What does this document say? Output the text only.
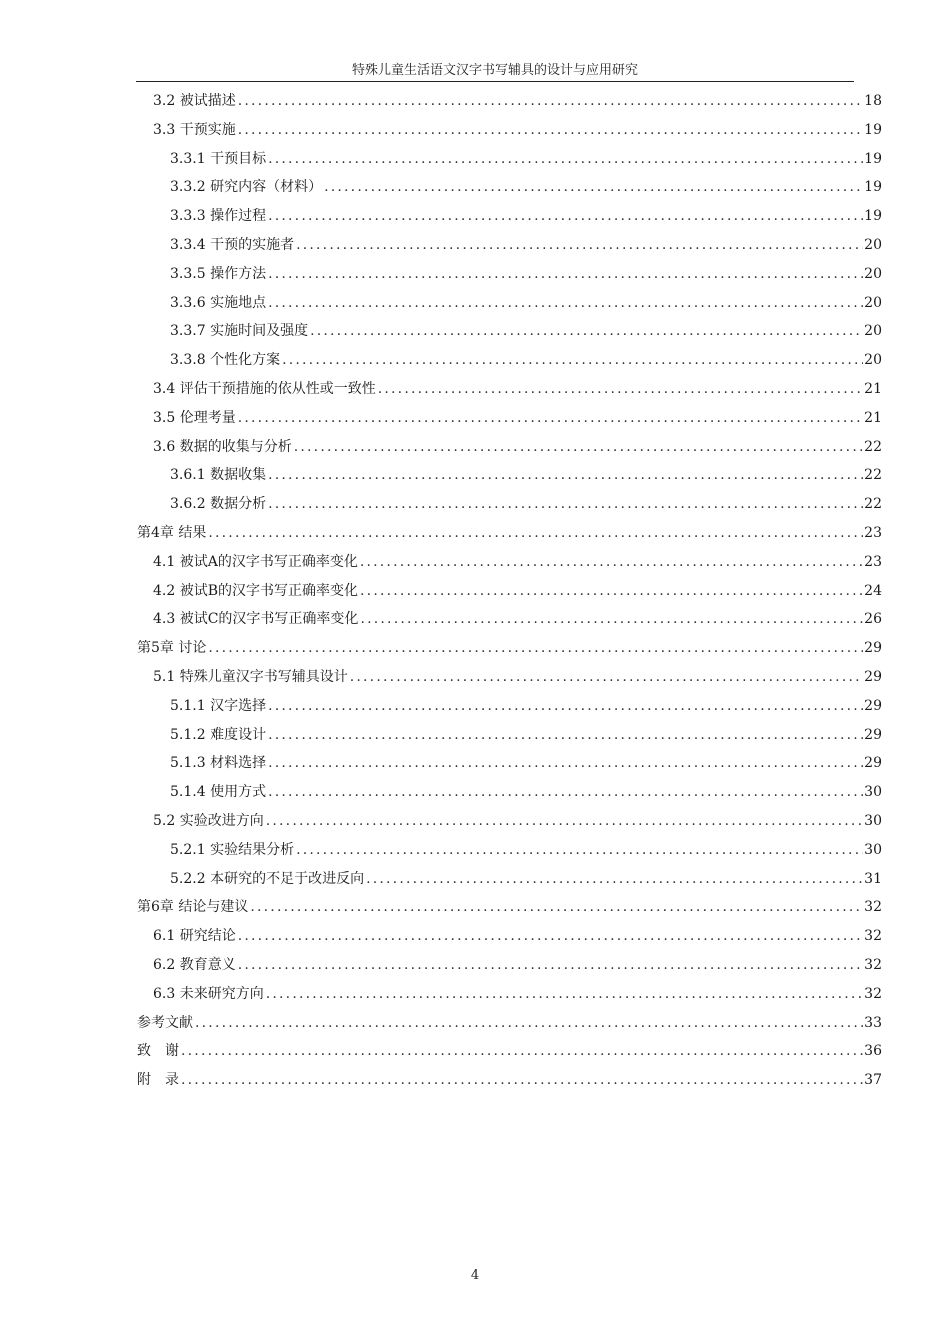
特殊儿童生活语文汉字书写辅具的设计与应用研究
3.2 被试描述 .....	18
3.3 干预实施 .....	19
3.3.1 干预目标 .....	19
3.3.2 研究内容（材料） .....	19
3.3.3 操作过程 .....	19
3.3.4 干预的实施者 .....	20
3.3.5 操作方法 .....	20
3.3.6 实施地点 .....	20
3.3.7 实施时间及强度 .....	20
3.3.8 个性化方案 .....	20
3.4 评估干预措施的依从性或一致性 .....	21
3.5 伦理考量 .....	21
3.6 数据的收集与分析 .....	22
3.6.1 数据收集 .....	22
3.6.2 数据分析 .....	22
第4章 结果 .....	23
4.1 被试A的汉字书写正确率变化 .....	23
4.2 被试B的汉字书写正确率变化 .....	24
4.3 被试C的汉字书写正确率变化 .....	26
第5章 讨论 .....	29
5.1 特殊儿童汉字书写辅具设计 .....	29
5.1.1 汉字选择 .....	29
5.1.2 难度设计 .....	29
5.1.3 材料选择 .....	29
5.1.4 使用方式 .....	30
5.2 实验改进方向 .....	30
5.2.1 实验结果分析 .....	30
5.2.2 本研究的不足于改进反向 .....	31
第6章 结论与建议 .....	32
6.1 研究结论 .....	32
6.2 教育意义 .....	32
6.3 未来研究方向 .....	32
参考文献 .....	33
致　谢 .....	36
附　录 .....	37
4
